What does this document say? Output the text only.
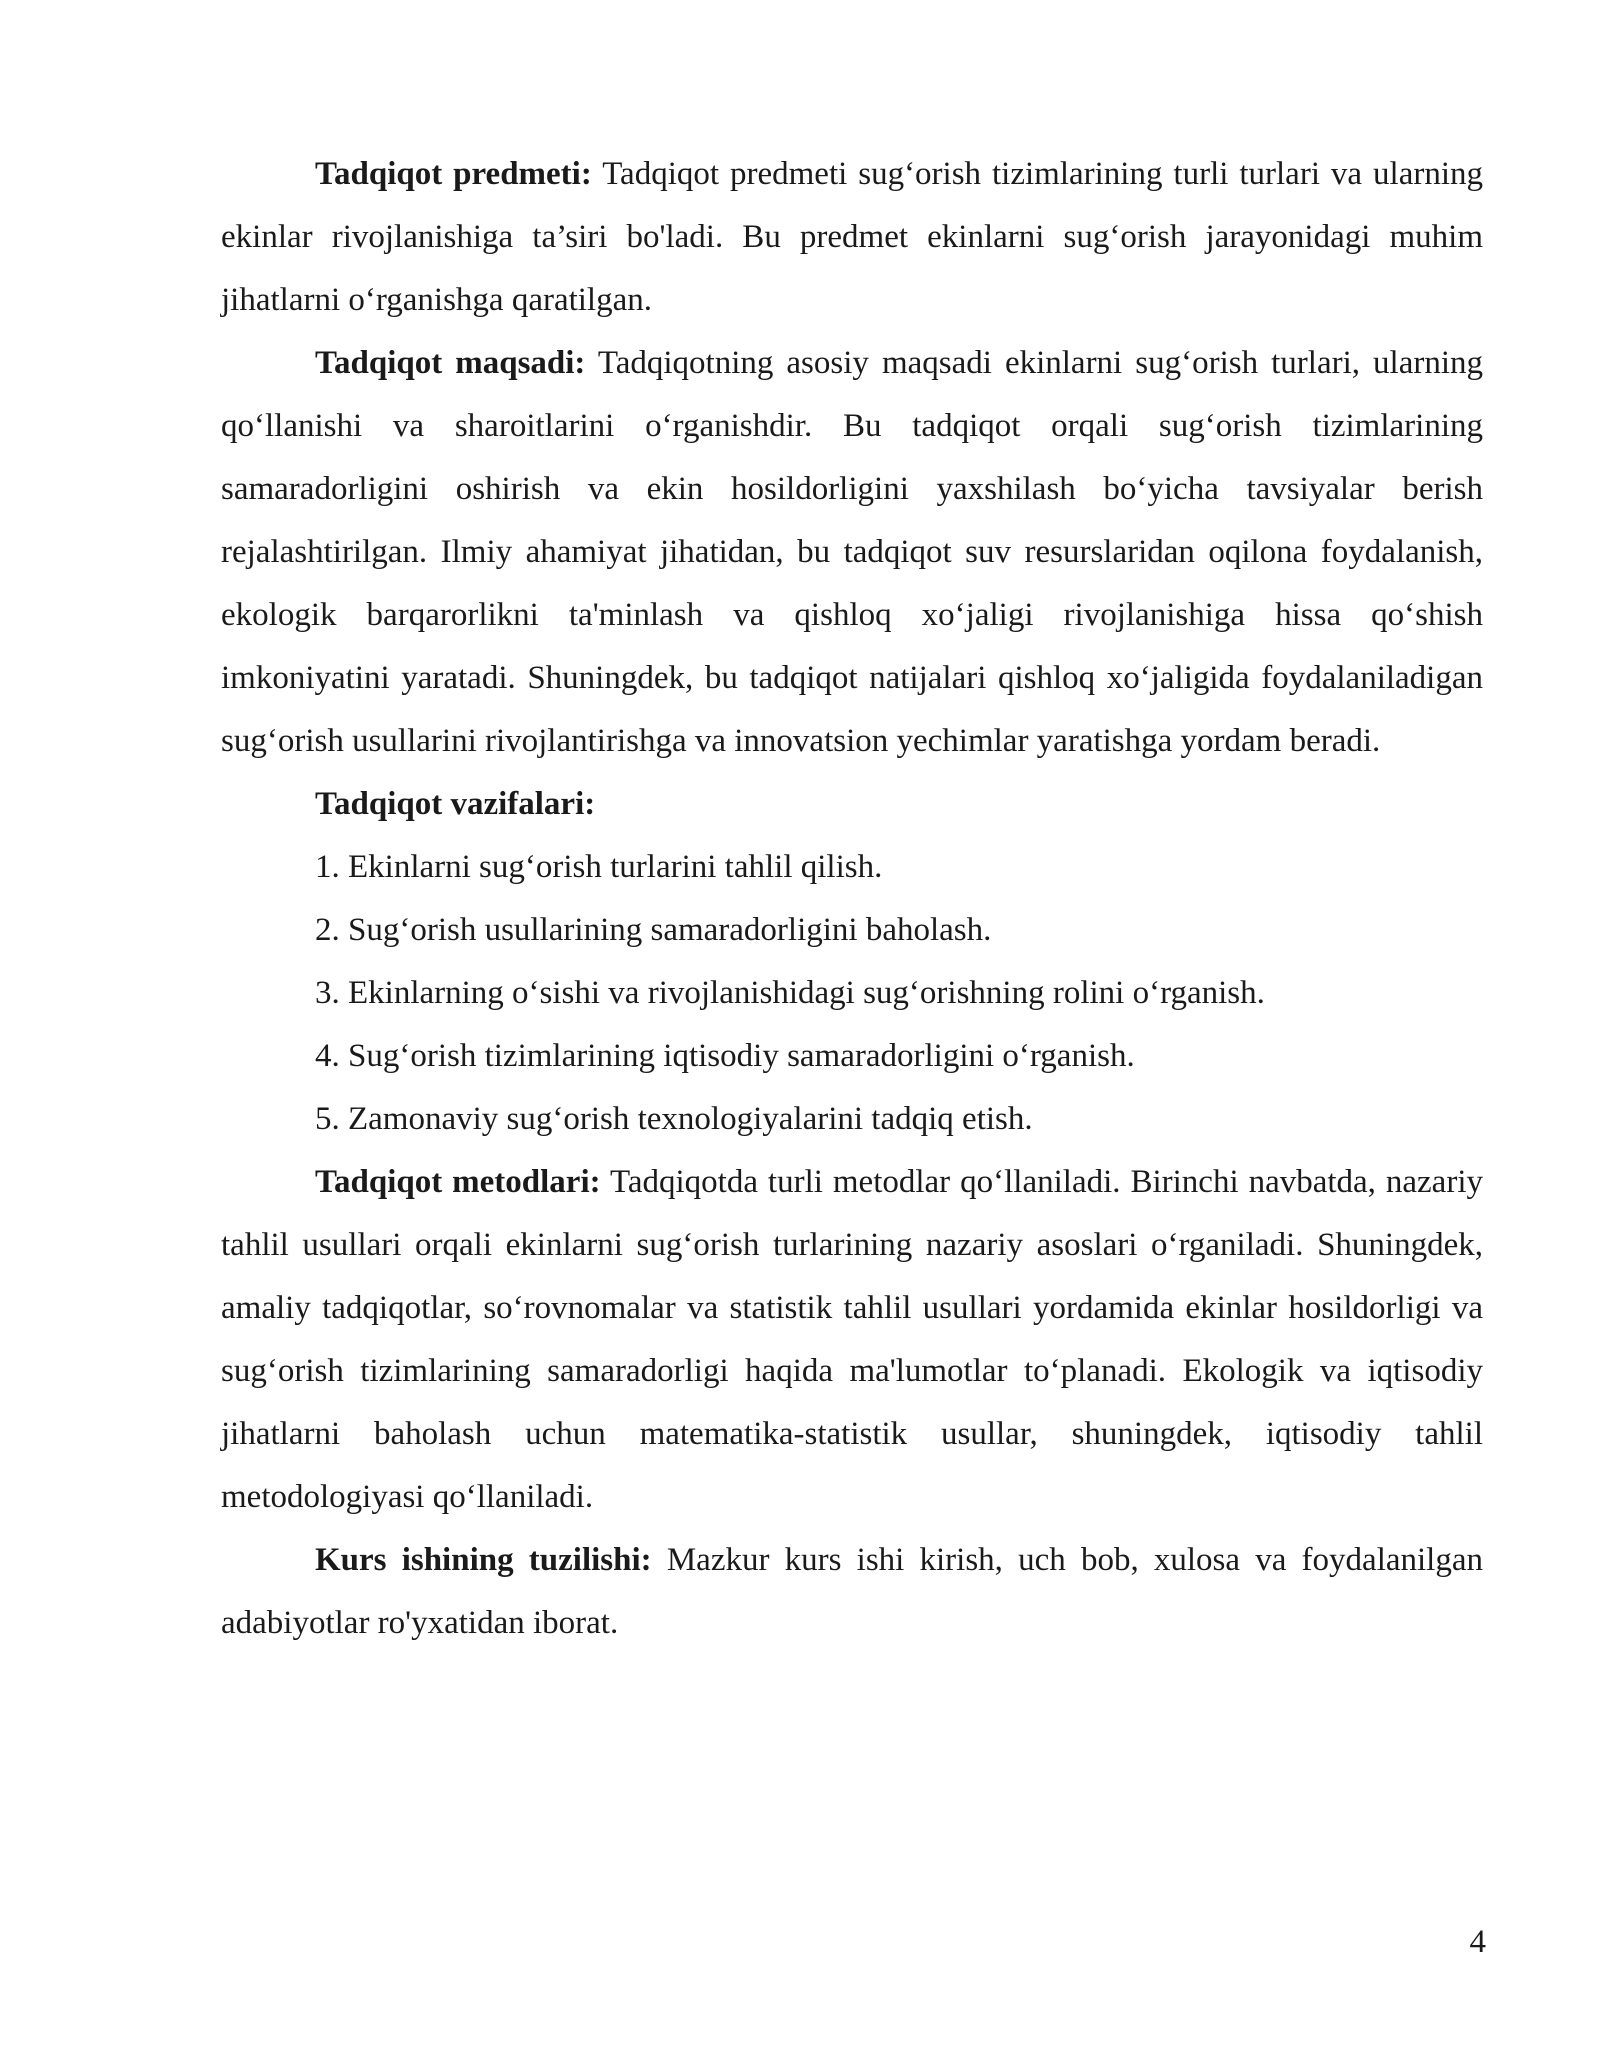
Tadqiqot predmeti: Tadqiqot predmeti sug‘orish tizimlarining turli turlari va ularning ekinlar rivojlanishiga ta’siri bo'ladi. Bu predmet ekinlarni sug‘orish jarayonidagi muhim jihatlarni o‘rganishga qaratilgan.

Tadqiqot maqsadi: Tadqiqotning asosiy maqsadi ekinlarni sug‘orish turlari, ularning qo‘llanishi va sharoitlarini o‘rganishdir. Bu tadqiqot orqali sug‘orish tizimlarining samaradorligini oshirish va ekin hosildorligini yaxshilash bo‘yicha tavsiyalar berish rejalashtirilgan. Ilmiy ahamiyat jihatidan, bu tadqiqot suv resurslaridan oqilona foydalanish, ekologik barqarorlikni ta'minlash va qishloq xo‘jaligi rivojlanishiga hissa qo‘shish imkoniyatini yaratadi. Shuningdek, bu tadqiqot natijalari qishloq xo‘jaligida foydalaniladigan sug‘orish usullarini rivojlantirishga va innovatsion yechimlar yaratishga yordam beradi.

Tadqiqot vazifalari:

1. Ekinlarni sug‘orish turlarini tahlil qilish.
2. Sug‘orish usullarining samaradorligini baholash.
3. Ekinlarning o‘sishi va rivojlanishidagi sug‘orishning rolini o‘rganish.
4. Sug‘orish tizimlarining iqtisodiy samaradorligini o‘rganish.
5. Zamonaviy sug‘orish texnologiyalarini tadqiq etish.

Tadqiqot metodlari: Tadqiqotda turli metodlar qo‘llaniladi. Birinchi navbatda, nazariy tahlil usullari orqali ekinlarni sug‘orish turlarining nazariy asoslari o‘rganiladi. Shuningdek, amaliy tadqiqotlar, so‘rovnomalar va statistik tahlil usullari yordamida ekinlar hosildorligi va sug‘orish tizimlarining samaradorligi haqida ma'lumotlar to‘planadi. Ekologik va iqtisodiy jihatlarni baholash uchun matematika-statistik usullar, shuningdek, iqtisodiy tahlil metodologiyasi qo‘llaniladi.

Kurs ishining tuzilishi: Mazkur kurs ishi kirish, uch bob, xulosa va foydalanilgan adabiyotlar ro'yxatidan iborat.

4
